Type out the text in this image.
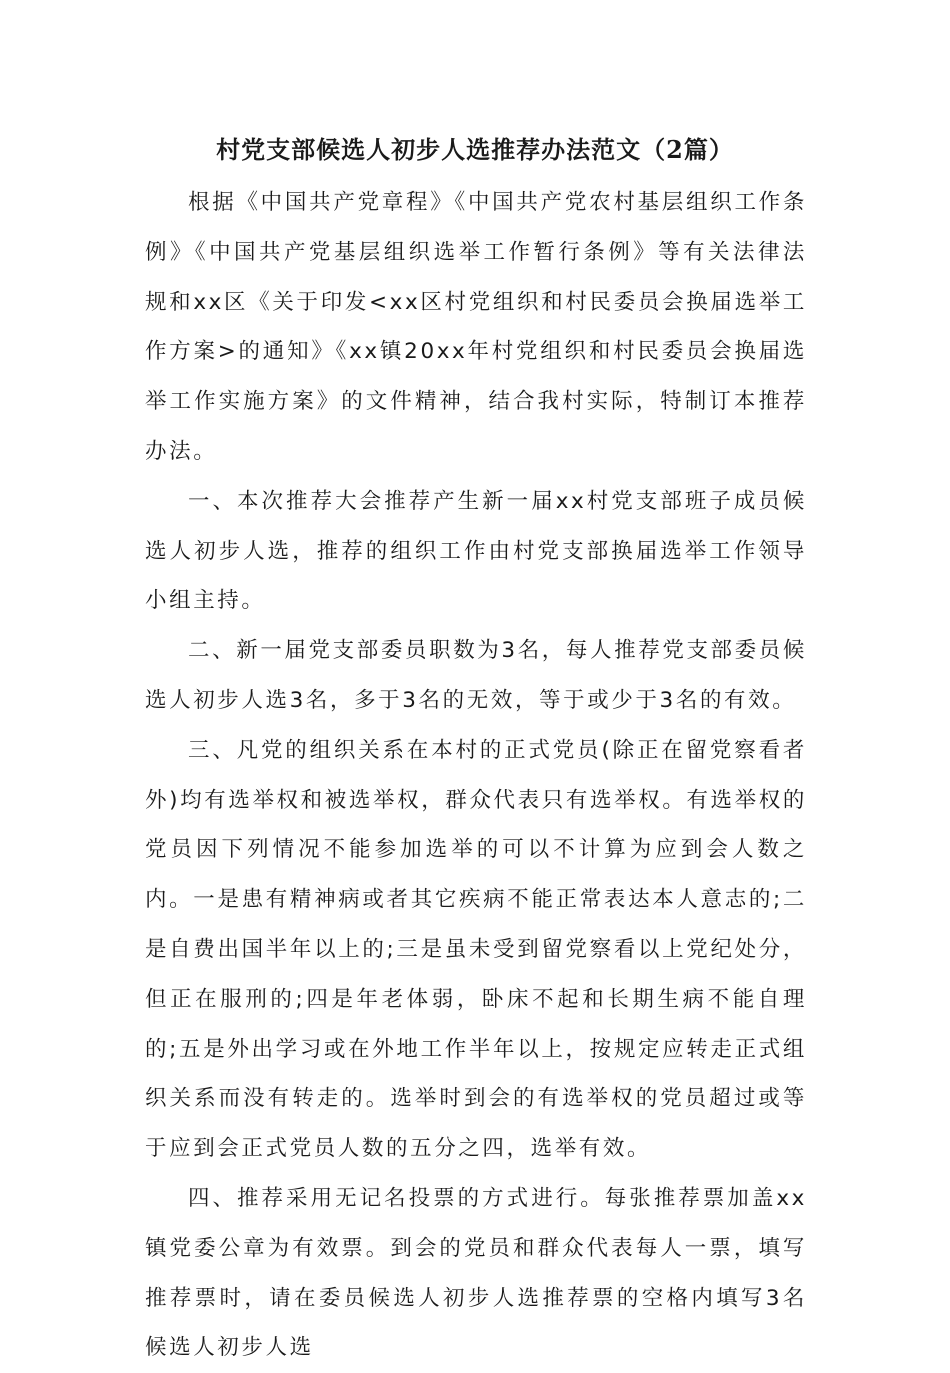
村党支部候选人初步人选推荐办法范文（2篇）

根据《中国共产党章程》《中国共产党农村基层组织工作条例》《中国共产党基层组织选举工作暂行条例》等有关法律法规和xx区《关于印发<xx区村党组织和村民委员会换届选举工作方案>的通知》《xx镇20xx年村党组织和村民委员会换届选举工作实施方案》的文件精神，结合我村实际，特制订本推荐办法。

一、本次推荐大会推荐产生新一届xx村党支部班子成员候选人初步人选，推荐的组织工作由村党支部换届选举工作领导小组主持。

二、新一届党支部委员职数为3名，每人推荐党支部委员候选人初步人选3名，多于3名的无效，等于或少于3名的有效。

三、凡党的组织关系在本村的正式党员(除正在留党察看者外)均有选举权和被选举权，群众代表只有选举权。有选举权的党员因下列情况不能参加选举的可以不计算为应到会人数之内。一是患有精神病或者其它疾病不能正常表达本人意志的;二是自费出国半年以上的;三是虽未受到留党察看以上党纪处分，但正在服刑的;四是年老体弱，卧床不起和长期生病不能自理的;五是外出学习或在外地工作半年以上，按规定应转走正式组织关系而没有转走的。选举时到会的有选举权的党员超过或等于应到会正式党员人数的五分之四，选举有效。

四、推荐采用无记名投票的方式进行。每张推荐票加盖xx镇党委公章为有效票。到会的党员和群众代表每人一票，填写推荐票时，请在委员候选人初步人选推荐票的空格内填写3名候选人初步人选
